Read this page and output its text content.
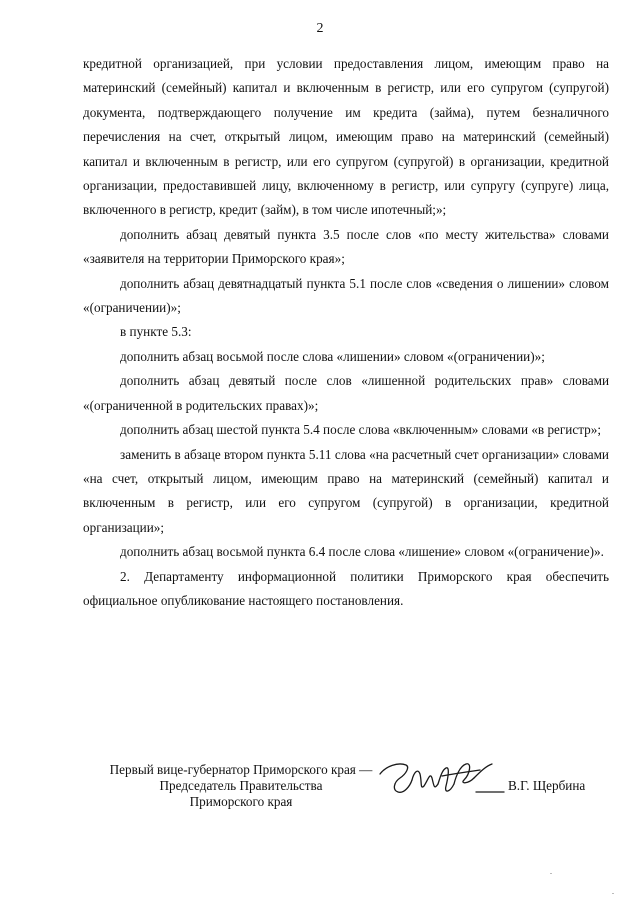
2

кредитной организацией, при условии предоставления лицом, имеющим право на материнский (семейный) капитал и включенным в регистр, или его супругом (супругой) документа, подтверждающего получение им кредита (займа), путем безналичного перечисления на счет, открытый лицом, имеющим право на материнский (семейный) капитал и включенным в регистр, или его супругом (супругой) в организации, кредитной организации, предоставившей лицу, включенному в регистр, или супругу (супруге) лица, включенного в регистр, кредит (займ), в том числе ипотечный;»;

дополнить абзац девятый пункта 3.5 после слов «по месту жительства» словами «заявителя на территории Приморского края»;

дополнить абзац девятнадцатый пункта 5.1 после слов «сведения о лишении» словом «(ограничении)»;

в пункте 5.3:

дополнить абзац восьмой после слова «лишении» словом «(ограничении)»;

дополнить абзац девятый после слов «лишенной родительских прав» словами «(ограниченной в родительских правах)»;

дополнить абзац шестой пункта 5.4 после слова «включенным» словами «в регистр»;

заменить в абзаце втором пункта 5.11 слова «на расчетный счет организации» словами «на счет, открытый лицом, имеющим право на материнский (семейный) капитал и включенным в регистр, или его супругом (супругой) в организации, кредитной организации»;

дополнить абзац восьмой пункта 6.4 после слова «лишение» словом «(ограничение)».

2. Департаменту информационной политики Приморского края обеспечить официальное опубликование настоящего постановления.

Первый вице-губернатор Приморского края —
Председатель Правительства
Приморского края
В.Г. Щербина
